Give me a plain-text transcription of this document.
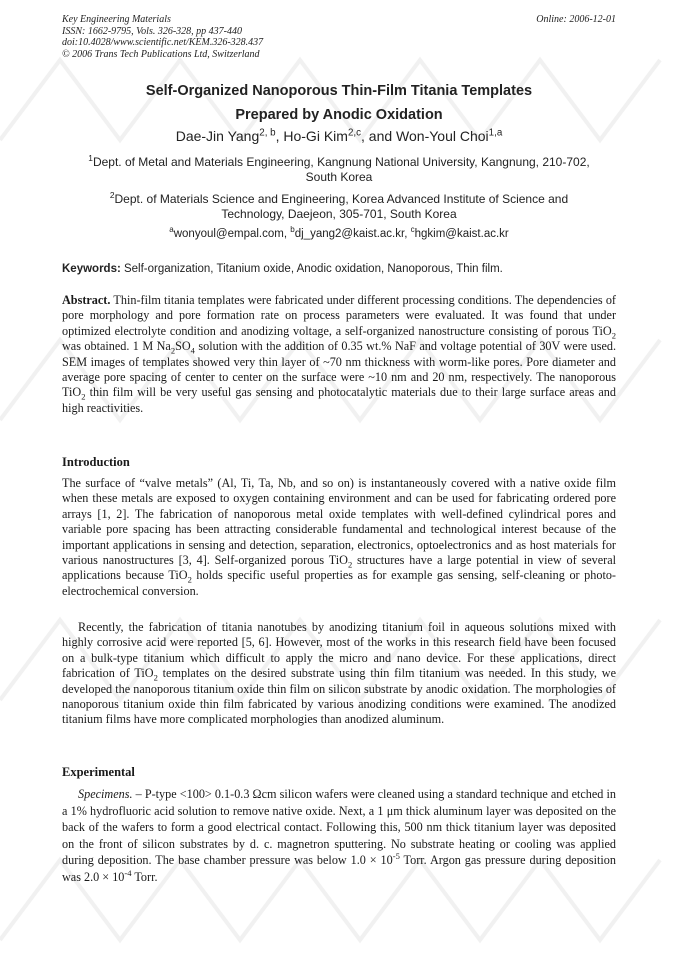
Key Engineering Materials
ISSN: 1662-9795, Vols. 326-328, pp 437-440
doi:10.4028/www.scientific.net/KEM.326-328.437
© 2006 Trans Tech Publications Ltd, Switzerland
Online: 2006-12-01
Self-Organized Nanoporous Thin-Film Titania Templates
Prepared by Anodic Oxidation
Dae-Jin Yang$^{2, b}$, Ho-Gi Kim$^{2,c}$, and Won-Youl Choi$^{1,a}$
$^1$Dept. of Metal and Materials Engineering, Kangnung National University, Kangnung, 210-702, South Korea
$^2$Dept. of Materials Science and Engineering, Korea Advanced Institute of Science and Technology, Daejeon, 305-701, South Korea
$^a$wonyoul@empal.com, $^b$dj_yang2@kaist.ac.kr, $^c$hgkim@kaist.ac.kr
Keywords: Self-organization, Titanium oxide, Anodic oxidation, Nanoporous, Thin film.
Abstract. Thin-film titania templates were fabricated under different processing conditions. The dependencies of pore morphology and pore formation rate on process parameters were evaluated. It was found that under optimized electrolyte condition and anodizing voltage, a self-organized nanostructure consisting of porous TiO$_2$ was obtained. 1 M $Na_2SO_4$ solution with the addition of 0.35 wt.% NaF and voltage potential of 30V were used. SEM images of templates showed very thin layer of ~70 nm thickness with worm-like pores. Pore diameter and average pore spacing of center to center on the surface were ~10 nm and 20 nm, respectively. The nanoporous TiO$_2$ thin film will be very useful gas sensing and photocatalytic materials due to their large surface areas and high reactivities.
Introduction
The surface of “valve metals” (Al, Ti, Ta, Nb, and so on) is instantaneously covered with a native oxide film when these metals are exposed to oxygen containing environment and can be used for fabricating ordered pore arrays [1, 2]. The fabrication of nanoporous metal oxide templates with well-defined cylindrical pores and variable pore spacing has been attracting considerable fundamental and technological interest because of the important applications in sensing and detection, separation, electronics, optoelectronics and as host materials for various nanostructures [3, 4]. Self-organized porous TiO$_2$ structures have a large potential in view of several applications because TiO$_2$ holds specific useful properties as for example gas sensing, self-cleaning or photo-electrochemical conversion.
Recently, the fabrication of titania nanotubes by anodizing titanium foil in aqueous solutions mixed with highly corrosive acid were reported [5, 6]. However, most of the works in this research field have been focused on a bulk-type titanium which difficult to apply the micro and nano device. For these applications, direct fabrication of TiO$_2$ templates on the desired substrate using thin film titanium was needed. In this study, we developed the nanoporous titanium oxide thin film on silicon substrate by anodic oxidation. The morphologies of nanoporous titanium oxide thin film fabricated by various anodizing conditions were examined. The anodized titanium films have more complicated morphologies than anodized aluminum.
Experimental
Specimens. – P-type <100> 0.1-0.3 Ωcm silicon wafers were cleaned using a standard technique and etched in a 1% hydrofluoric acid solution to remove native oxide. Next, a 1 μm thick aluminum layer was deposited on the back of the wafers to form a good electrical contact. Following this, 500 nm thick titanium layer was deposited on the front of silicon substrates by d. c. magnetron sputtering. No substrate heating or cooling was applied during deposition. The base chamber pressure was below $1.0 \times 10^{-5}$ Torr. Argon gas pressure during deposition was $2.0 \times 10^{-4}$ Torr.
